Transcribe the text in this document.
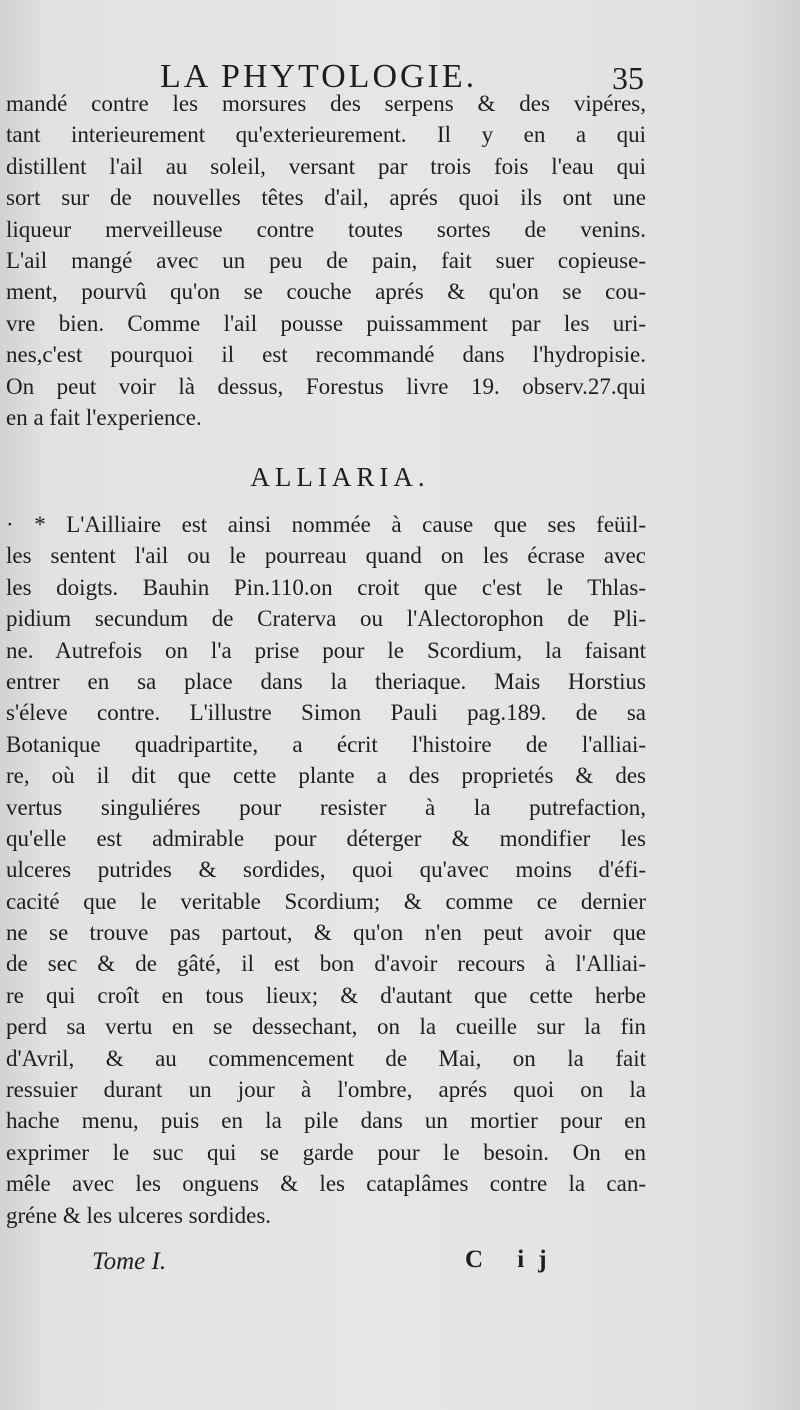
LA PHYTOLOGIE.	35
mandé contre les morsures des serpens & des vipéres,
tant interieurement qu'exterieurement. Il y en a qui
distillent l'ail au soleil, versant par trois fois l'eau qui
sort sur de nouvelles têtes d'ail, aprés quoi ils ont une
liqueur merveilleuse contre toutes sortes de venins.
L'ail mangé avec un peu de pain, fait suer copieuse-
ment, pourvû qu'on se couche aprés & qu'on se cou-
vre bien. Comme l'ail pousse puissamment par les uri-
nes,c'est pourquoi il est recommandé dans l'hydropisie.
On peut voir là dessus, Forestus livre 19. observ.27.qui
en a fait l'experience.
ALLIARIA.
· * L'Ailliaire est ainsi nommée à cause que ses feüil-
les sentent l'ail ou le pourreau quand on les écrase avec
les doigts. Bauhin Pin.110.on croit que c'est le Thlas-
pidium secundum de Craterva ou l'Alectorophon de Pli-
ne. Autrefois on l'a prise pour le Scordium, la faisant
entrer en sa place dans la theriaque. Mais Horstius
s'éleve contre. L'illustre Simon Pauli pag.189. de sa
Botanique quadripartite, a écrit l'histoire de l'alliai-
re, où il dit que cette plante a des proprietés & des
vertus singuliéres pour resister à la putrefaction,
qu'elle est admirable pour déterger & mondifier les
ulceres putrides & sordides, quoi qu'avec moins d'éfi-
cacité que le veritable Scordium; & comme ce dernier
ne se trouve pas partout, & qu'on n'en peut avoir que
de sec & de gâté, il est bon d'avoir recours à l'Alliai-
re qui croît en tous lieux; & d'autant que cette herbe
perd sa vertu en se dessechant, on la cueille sur la fin
d'Avril, & au commencement de Mai, on la fait
ressuier durant un jour à l'ombre, aprés quoi on la
hache menu, puis en la pile dans un mortier pour en
exprimer le suc qui se garde pour le besoin. On en
mêle avec les onguens & les cataplâmes contre la can-
gréne & les ulceres sordides.
Tome I.	C ij
